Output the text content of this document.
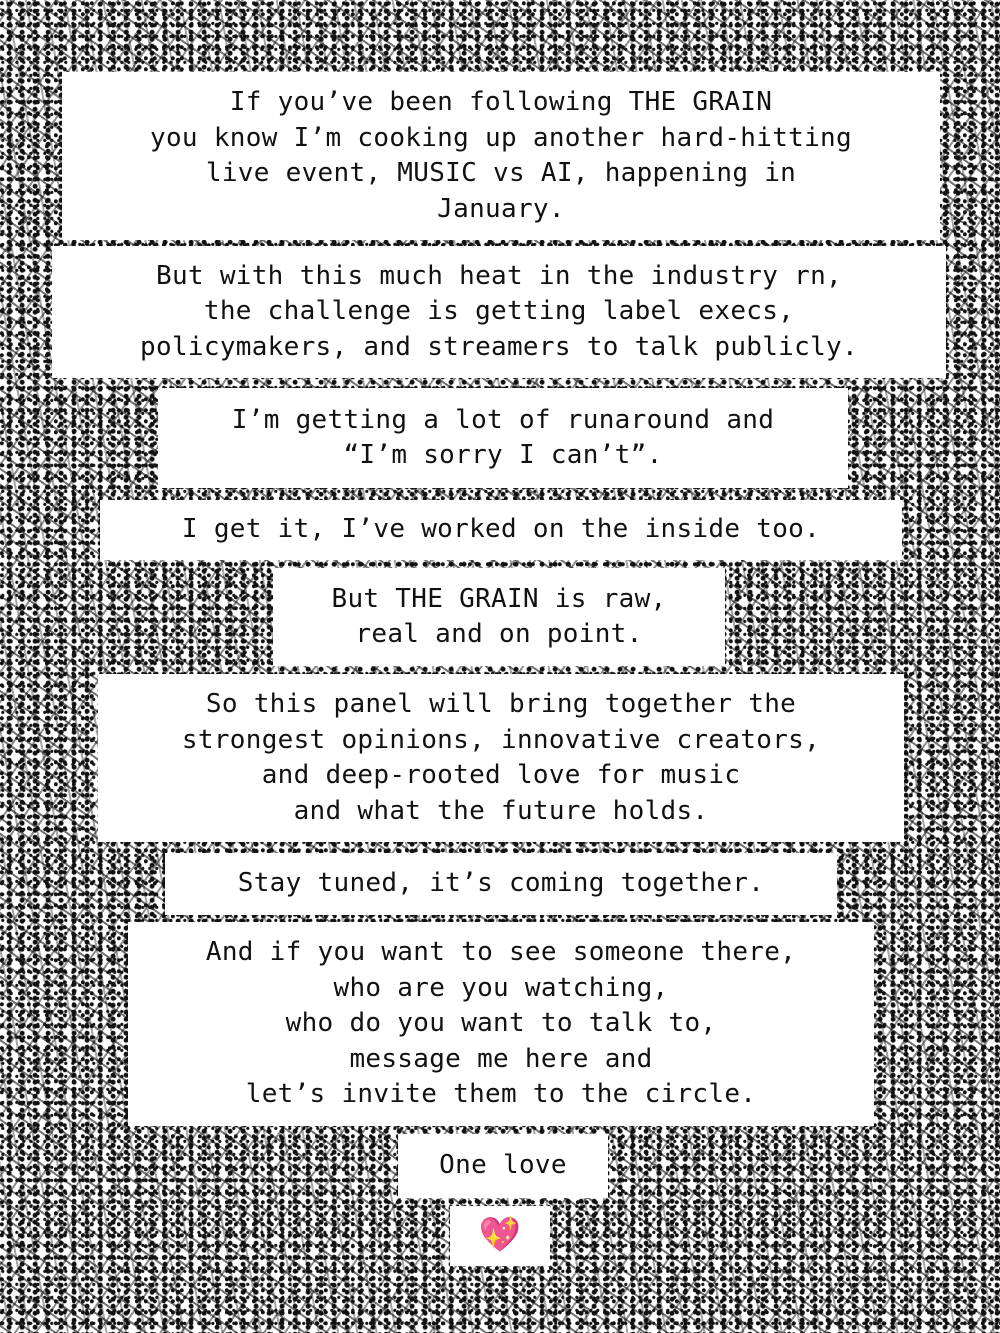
If you’ve been following THE GRAIN
you know I’m cooking up another hard-hitting
live event, MUSIC vs AI, happening in
January.
But with this much heat in the industry rn,
the challenge is getting label execs,
policymakers, and streamers to talk publicly.
I’m getting a lot of runaround and
“I’m sorry I can’t”.
I get it, I’ve worked on the inside too.
But THE GRAIN is raw,
real and on point.
So this panel will bring together the
strongest opinions, innovative creators,
and deep-rooted love for music
and what the future holds.
Stay tuned, it’s coming together.
And if you want to see someone there,
who are you watching,
who do you want to talk to,
message me here and
let’s invite them to the circle.
One love
💖
